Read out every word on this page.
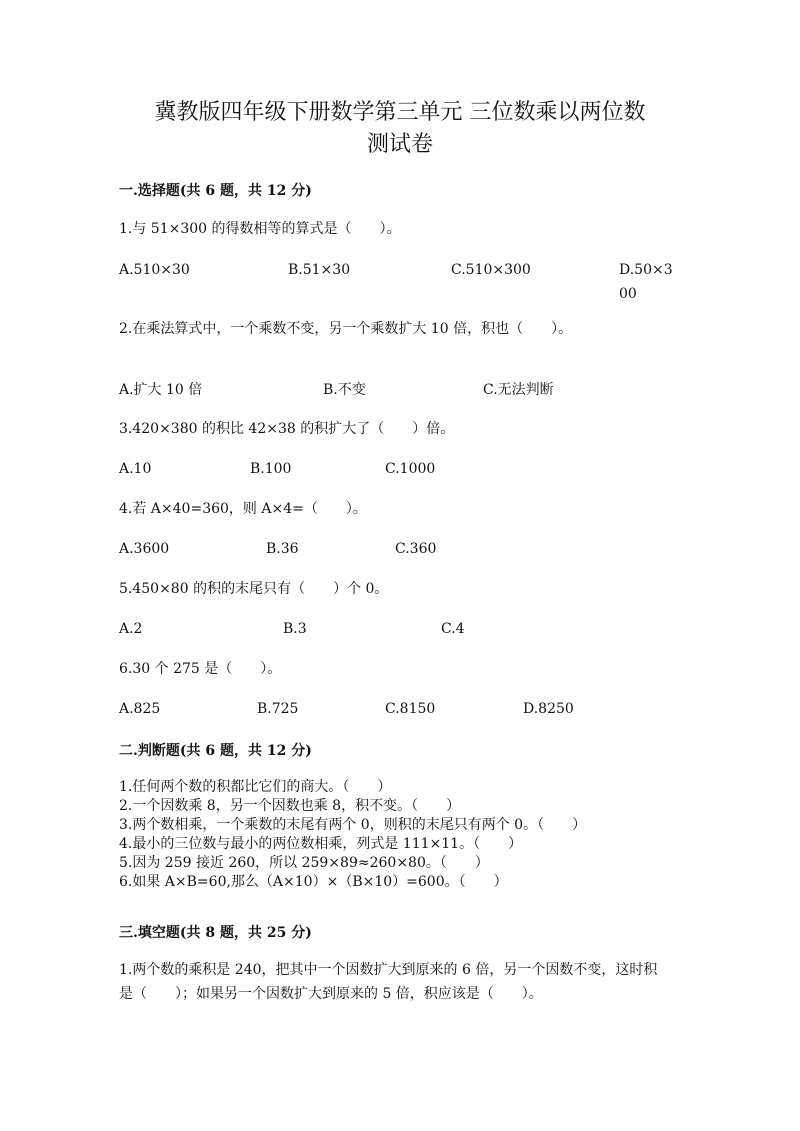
冀教版四年级下册数学第三单元 三位数乘以两位数
测试卷
一.选择题(共 6 题，共 12 分)
1.与 51×300 的得数相等的算式是（　　）。
A.510×30	B.51×30	C.510×300	D.50×300
2.在乘法算式中，一个乘数不变，另一个乘数扩大 10 倍，积也（　　）。
A.扩大 10 倍	B.不变	C.无法判断
3.420×380 的积比 42×38 的积扩大了（　　）倍。
A.10	B.100	C.1000
4.若 A×40=360，则 A×4=（　　）。
A.3600	B.36	C.360
5.450×80 的积的末尾只有（　　）个 0。
A.2	B.3	C.4
6.30 个 275 是（　　）。
A.825	B.725	C.8150	D.8250
二.判断题(共 6 题，共 12 分)
1.任何两个数的积都比它们的商大。（　　）
2.一个因数乘 8，另一个因数也乘 8，积不变。（　　）
3.两个数相乘，一个乘数的末尾有两个 0，则积的末尾只有两个 0。（　　）
4.最小的三位数与最小的两位数相乘，列式是 111×11。（　　）
5.因为 259 接近 260，所以 259×89≈260×80。（　　）
6.如果 A×B=60,那么（A×10）×（B×10）=600。（　　）
三.填空题(共 8 题，共 25 分)
1.两个数的乘积是 240，把其中一个因数扩大到原来的 6 倍，另一个因数不变，这时积是（　　）；如果另一个因数扩大到原来的 5 倍，积应该是（　　）。
